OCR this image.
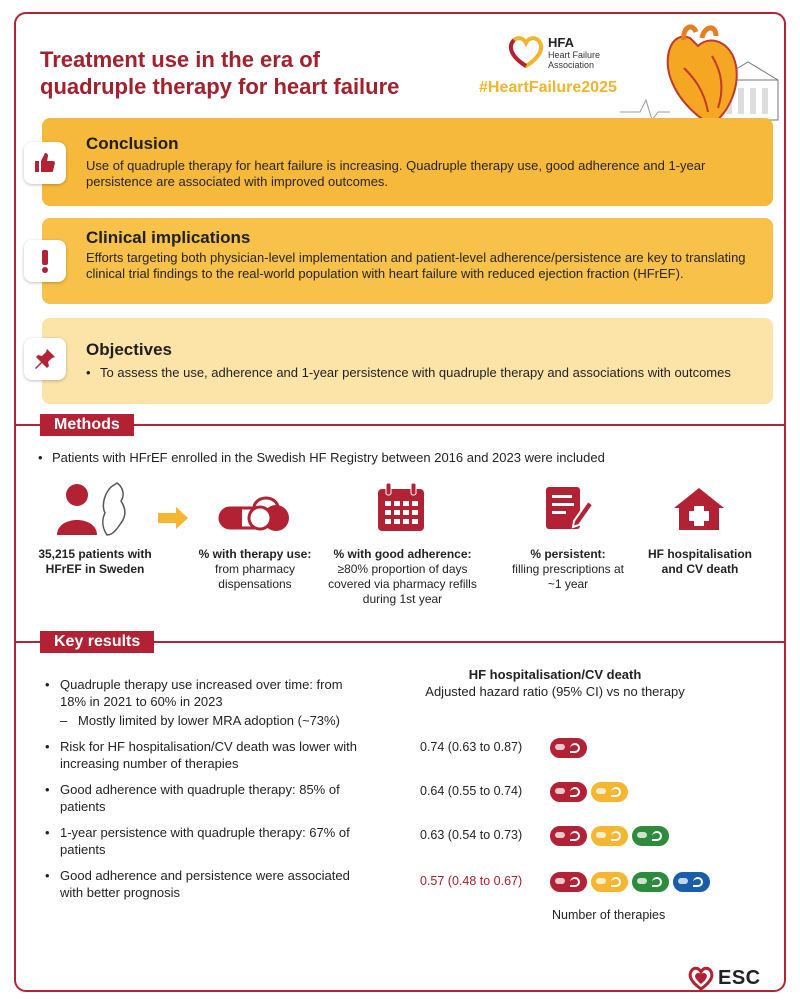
Treatment use in the era of
quadruple therapy for heart failure
HFA
Heart Failure
Association
#HeartFailure2025
Conclusion
Use of quadruple therapy for heart failure is increasing. Quadruple therapy use, good adherence and 1-year persistence are associated with improved outcomes.
Clinical implications
Efforts targeting both physician-level implementation and patient-level adherence/persistence are key to translating clinical trial findings to the real-world population with heart failure with reduced ejection fraction (HFrEF).
Objectives
• To assess the use, adherence and 1-year persistence with quadruple therapy and associations with outcomes
Methods
• Patients with HFrEF enrolled in the Swedish HF Registry between 2016 and 2023 were included
35,215 patients with HFrEF in Sweden
% with therapy use:
from pharmacy dispensations
% with good adherence:
≥80% proportion of days covered via pharmacy refills during 1st year
% persistent:
filling prescriptions at ~1 year
HF hospitalisation and CV death
Key results
• Quadruple therapy use increased over time: from 18% in 2021 to 60% in 2023
– Mostly limited by lower MRA adoption (~73%)
• Risk for HF hospitalisation/CV death was lower with increasing number of therapies
• Good adherence with quadruple therapy: 85% of patients
• 1-year persistence with quadruple therapy: 67% of patients
• Good adherence and persistence were associated with better prognosis
HF hospitalisation/CV death
Adjusted hazard ratio (95% CI) vs no therapy
0.74 (0.63 to 0.87)
0.64 (0.55 to 0.74)
0.63 (0.54 to 0.73)
0.57 (0.48 to 0.67)
Number of therapies
ESC
